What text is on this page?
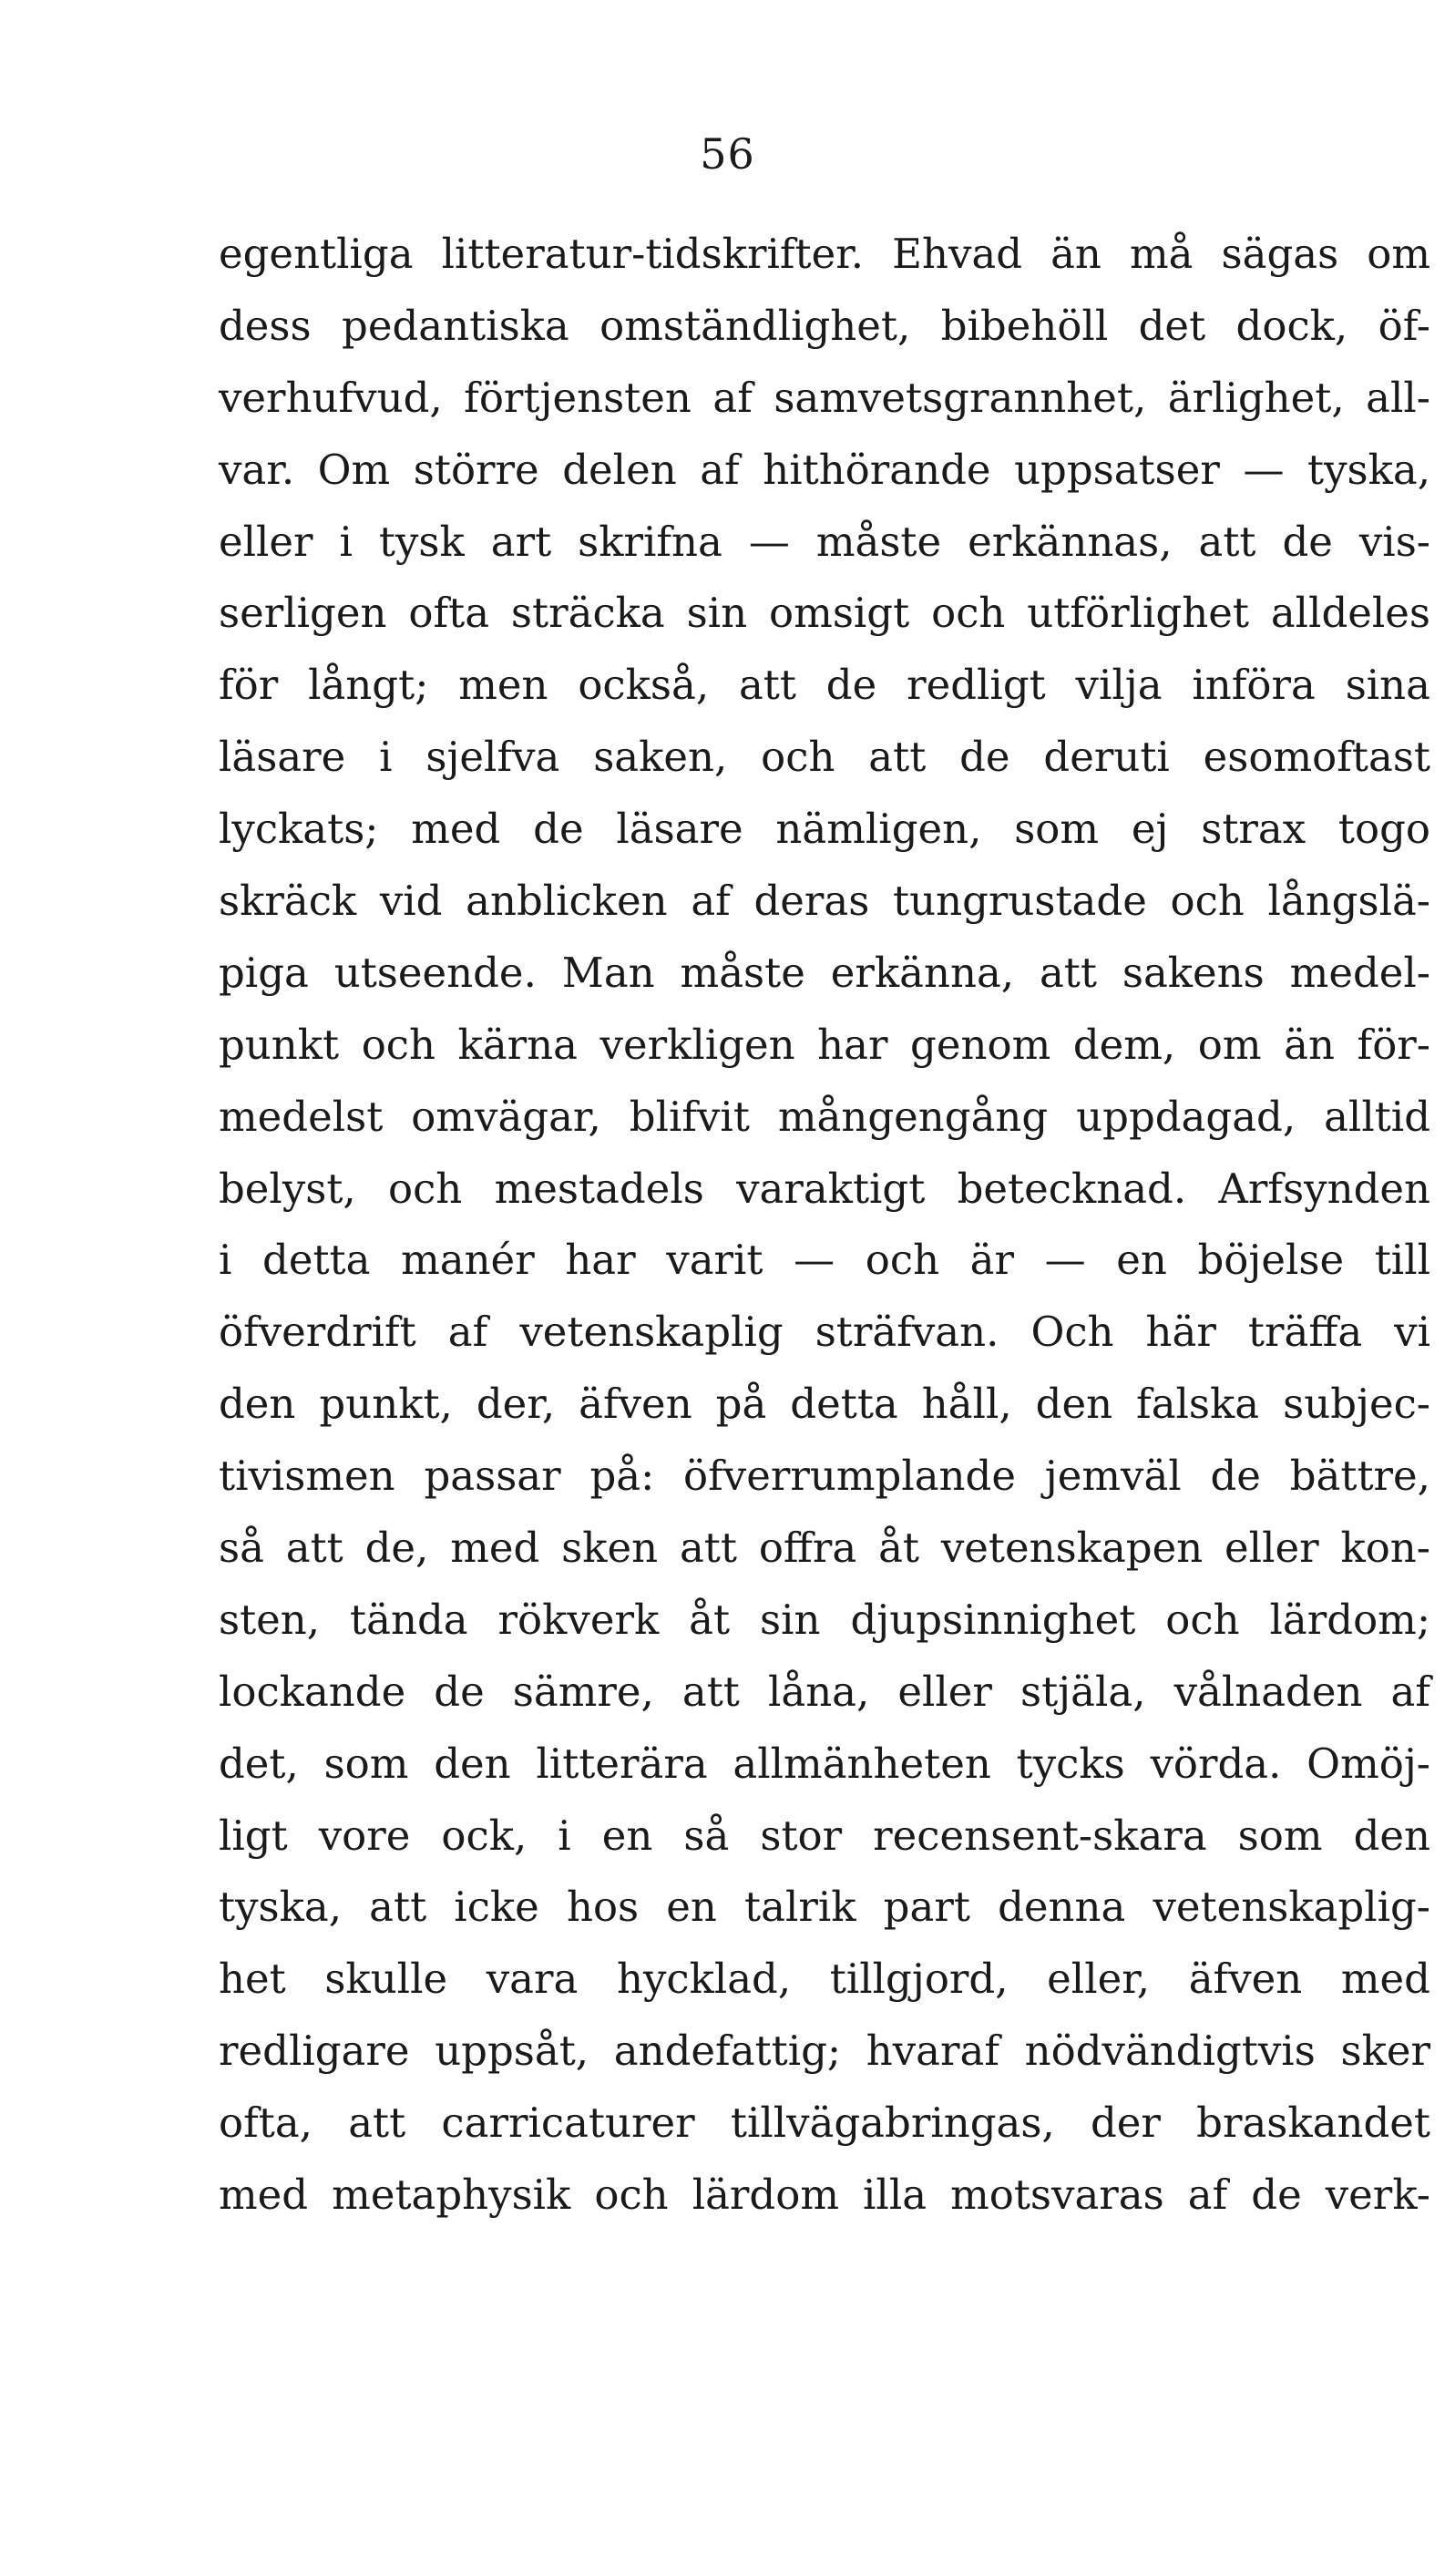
56
egentliga litteratur-tidskrifter. Ehvad än må sägas om
dess pedantiska omständlighet, bibehöll det dock, öf-
verhufvud, förtjensten af samvetsgrannhet, ärlighet, all-
var. Om större delen af hithörande uppsatser — tyska,
eller i tysk art skrifna — måste erkännas, att de vis-
serligen ofta sträcka sin omsigt och utförlighet alldeles
för långt; men också, att de redligt vilja införa sina
läsare i sjelfva saken, och att de deruti esomoftast
lyckats; med de läsare nämligen, som ej strax togo
skräck vid anblicken af deras tungrustade och långslä-
piga utseende. Man måste erkänna, att sakens medel-
punkt och kärna verkligen har genom dem, om än för-
medelst omvägar, blifvit mångengång uppdagad, alltid
belyst, och mestadels varaktigt betecknad. Arfsynden
i detta manér har varit — och är — en böjelse till
öfverdrift af vetenskaplig sträfvan. Och här träffa vi
den punkt, der, äfven på detta håll, den falska subjec-
tivismen passar på: öfverrumplande jemväl de bättre,
så att de, med sken att offra åt vetenskapen eller kon-
sten, tända rökverk åt sin djupsinnighet och lärdom;
lockande de sämre, att låna, eller stjäla, vålnaden af
det, som den litterära allmänheten tycks vörda. Omöj-
ligt vore ock, i en så stor recensent-skara som den
tyska, att icke hos en talrik part denna vetenskaplig-
het skulle vara hycklad, tillgjord, eller, äfven med
redligare uppsåt, andefattig; hvaraf nödvändigtvis sker
ofta, att carricaturer tillvägabringas, der braskandet
med metaphysik och lärdom illa motsvaras af de verk-
